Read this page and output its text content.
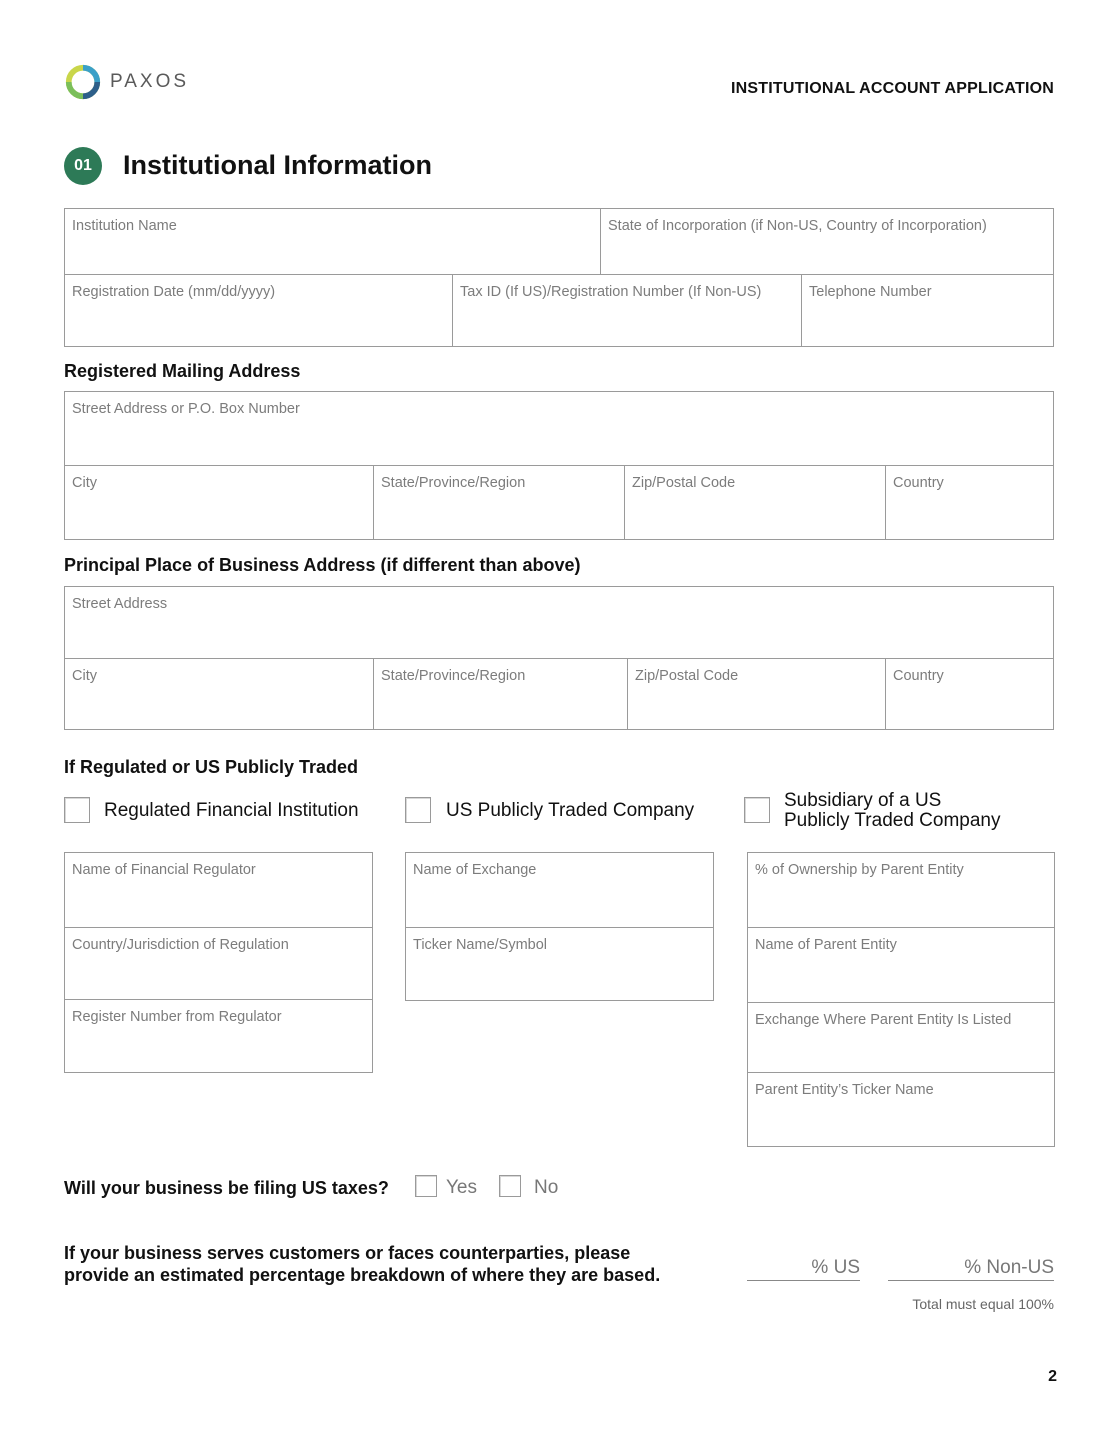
PAXOS	INSTITUTIONAL ACCOUNT APPLICATION
01	Institutional Information
Institution Name	State of Incorporation (if Non-US, Country of Incorporation)
Registration Date (mm/dd/yyyy)	Tax ID (If US)/Registration Number (If Non-US)	Telephone Number
Registered Mailing Address
Street Address or P.O. Box Number
City	State/Province/Region	Zip/Postal Code	Country
Principal Place of Business Address (if different than above)
Street Address
City	State/Province/Region	Zip/Postal Code	Country
If Regulated or US Publicly Traded
Regulated Financial Institution	US Publicly Traded Company	Subsidiary of a US
Publicly Traded Company
Name of Financial Regulator
Country/Jurisdiction of Regulation
Register Number from Regulator
Name of Exchange
Ticker Name/Symbol
% of Ownership by Parent Entity
Name of Parent Entity
Exchange Where Parent Entity Is Listed
Parent Entity’s Ticker Name
Will your business be filing US taxes?	Yes	No
If your business serves customers or faces counterparties, please
provide an estimated percentage breakdown of where they are based.	% US	% Non-US
Total must equal 100%
2
